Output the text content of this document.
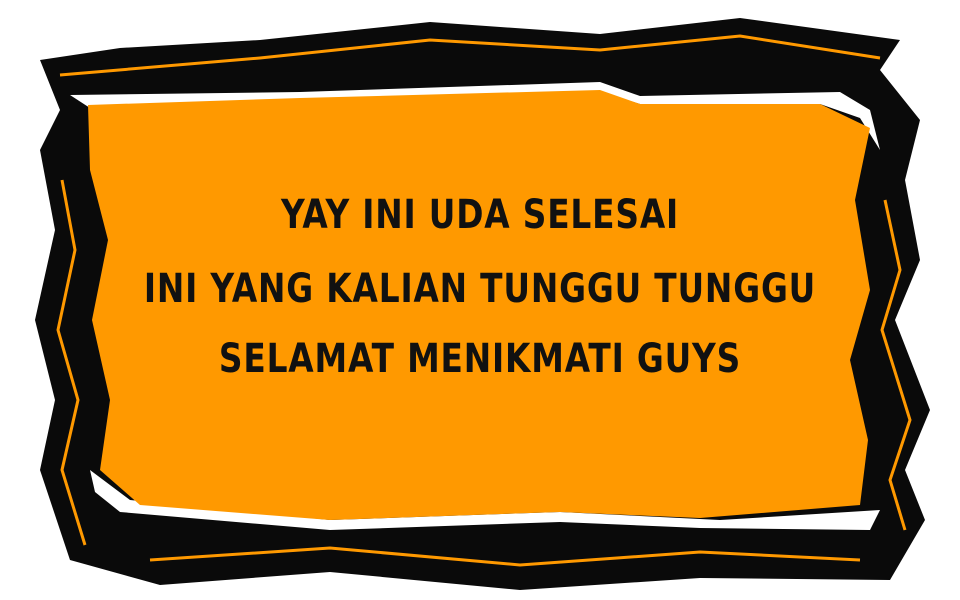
YAY INI UDA SELESAI
INI YANG KALIAN TUNGGU TUNGGU
SELAMAT MENIKMATI GUYS
